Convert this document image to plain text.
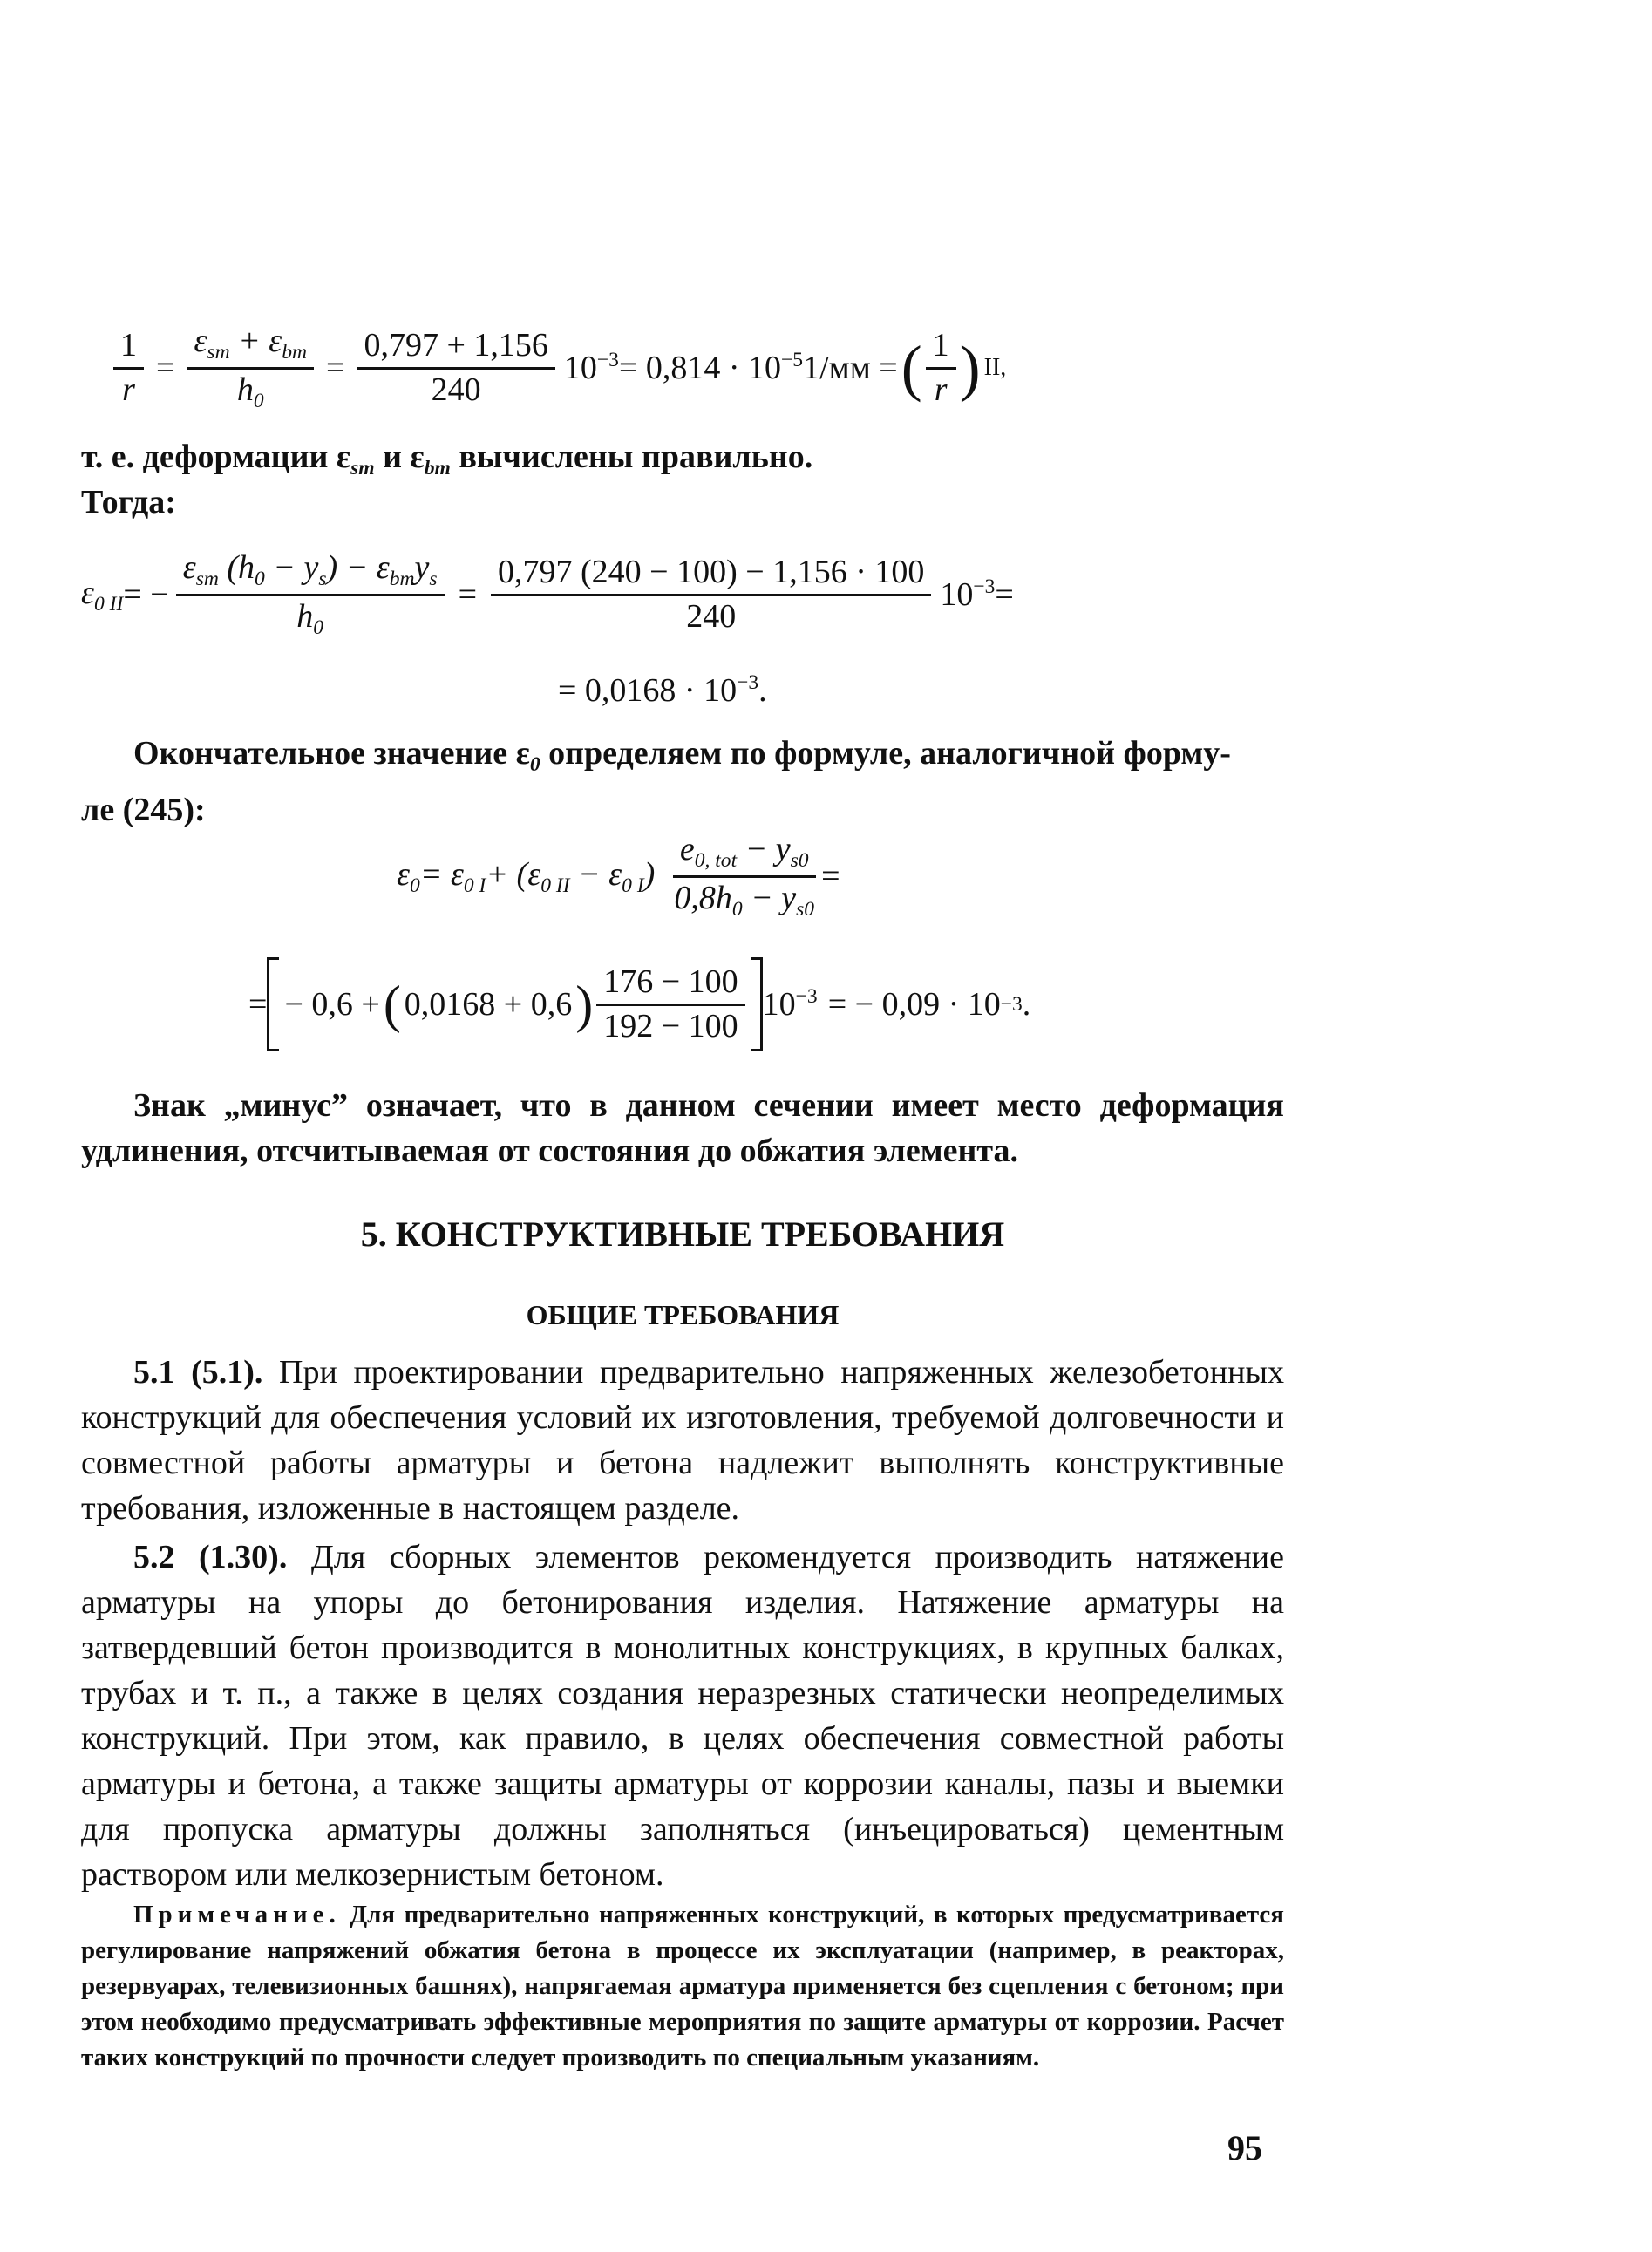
$\frac{1}{r} = \frac{\varepsilon_{sm} + \varepsilon_{bm}}{h_0} = \frac{0,797 + 1,156}{240} 10^{-3} = 0,814 \cdot 10^{-5}$ 1/мм = ( $\frac{1}{r}$ ) II,
т. е. деформации $\varepsilon_{sm}$ и $\varepsilon_{bm}$ вычислены правильно.
Тогда:
$\varepsilon_{0 II}$ = − $\frac{\varepsilon_{sm} (h_0 - y_s) - \varepsilon_{bm}y_s}{h_0} = \frac{0,797 (240 - 100) - 1,156 \cdot 100}{240} 10^{-3}$ =
= $0,0168 \cdot 10^{-3}$.
Окончательное значение $\varepsilon_0$ определяем по формуле, аналогичной форму-
ле (245):
$\varepsilon_0 = \varepsilon_{0 I} + (\varepsilon_{0 II} - \varepsilon_{0 I}) \frac{e_{0, tot} - y_{s0}}{0,8h_0 - y_{s0}}$ =
= − 0,6 + ( 0,0168 + 0,6 ) $\frac{176 - 100}{192 - 100} 10^{-3}$ = − 0,09 · 10 −3 .
Знак „минус” означает, что в данном сечении имеет место деформация удлинения, отсчитываемая от состояния до обжатия элемента.
5. КОНСТРУКТИВНЫЕ ТРЕБОВАНИЯ
ОБЩИЕ ТРЕБОВАНИЯ
5.1 (5.1). При проектировании предварительно напряженных железобетонных конструкций для обеспечения условий их изготовления, требуемой долговечности и совместной работы арматуры и бетона надлежит выполнять конструктивные требования, изложенные в настоящем разделе.
5.2 (1.30). Для сборных элементов рекомендуется производить натяжение арматуры на упоры до бетонирования изделия. Натяжение арматуры на затвердевший бетон производится в монолитных конструкциях, в крупных балках, трубах и т. п., а также в целях создания неразрезных статически неопределимых конструкций. При этом, как правило, в целях обеспечения совместной работы арматуры и бетона, а также защиты арматуры от коррозии каналы, пазы и выемки для пропуска арматуры должны заполняться (инъецироваться) цементным раствором или мелкозернистым бетоном.
Примечание. Для предварительно напряженных конструкций, в которых предусматривается регулирование напряжений обжатия бетона в процессе их эксплуатации (например, в реакторах, резервуарах, телевизионных башнях), напрягаемая арматура применяется без сцепления с бетоном; при этом необходимо предусматривать эффективные мероприятия по защите арматуры от коррозии. Расчет таких конструкций по прочности следует производить по специальным указаниям.
95
